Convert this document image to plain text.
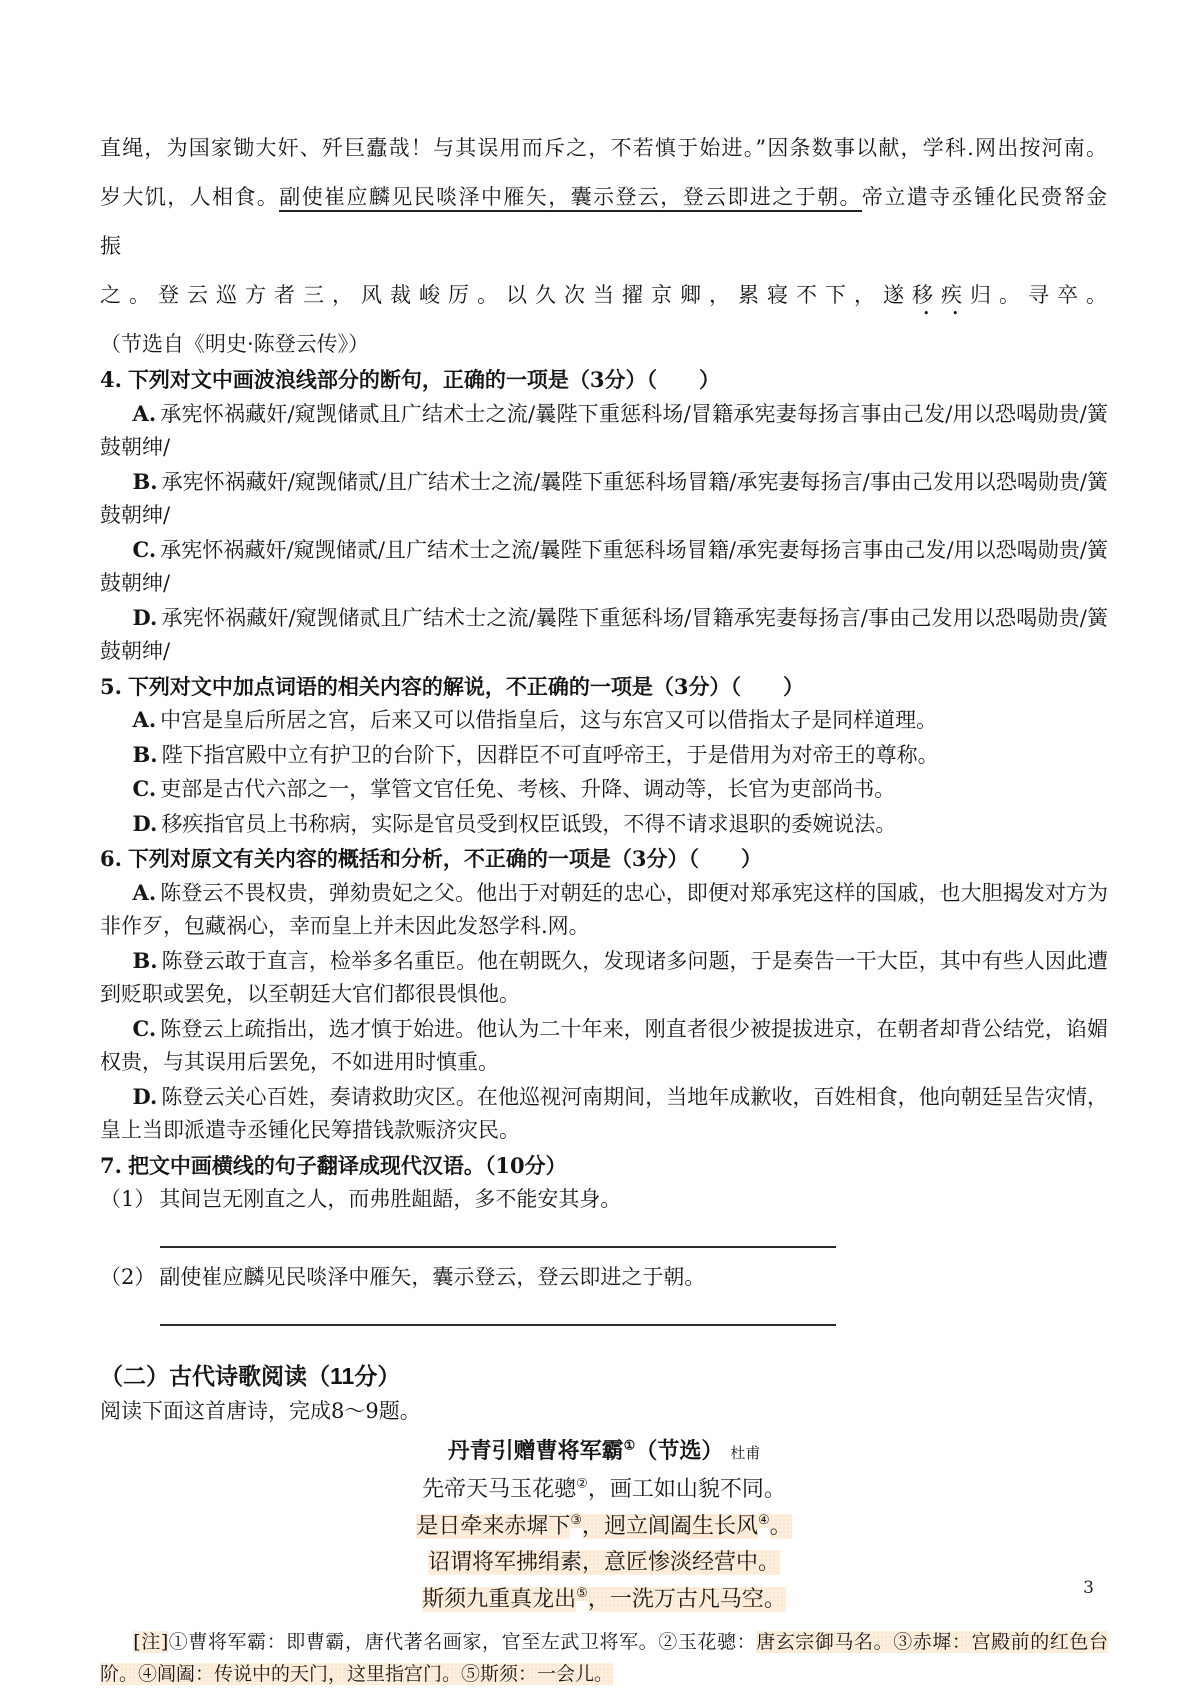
直绳，为国家锄大奸、歼巨蠹哉！与其误用而斥之，不若慎于始进。”因条数事以献，学科.网出按河南。
岁大饥，人相食。副使崔应麟见民啖泽中雁矢，囊示登云，登云即进之于朝。帝立遣寺丞锺化民赍帑金振
之。登云巡方者三，风裁峻厉。以久次当擢京卿，累寝不下，遂移疾归。寻卒。
（节选自《明史·陈登云传》）
4. 下列对文中画波浪线部分的断句，正确的一项是（3分）（　　）
A. 承宪怀祸藏奸/窥觊储贰且广结术士之流/曩陛下重惩科场/冒籍承宪妻每扬言事由己发/用以恐喝勋贵/簧鼓朝绅/
B. 承宪怀祸藏奸/窥觊储贰/且广结术士之流/曩陛下重惩科场冒籍/承宪妻每扬言/事由己发用以恐喝勋贵/簧鼓朝绅/
C. 承宪怀祸藏奸/窥觊储贰/且广结术士之流/曩陛下重惩科场冒籍/承宪妻每扬言事由己发/用以恐喝勋贵/簧鼓朝绅/
D. 承宪怀祸藏奸/窥觊储贰且广结术士之流/曩陛下重惩科场/冒籍承宪妻每扬言/事由己发用以恐喝勋贵/簧鼓朝绅/
5. 下列对文中加点词语的相关内容的解说，不正确的一项是（3分）（　　）
A. 中宫是皇后所居之宫，后来又可以借指皇后，这与东宫又可以借指太子是同样道理。
B. 陛下指宫殿中立有护卫的台阶下，因群臣不可直呼帝王，于是借用为对帝王的尊称。
C. 吏部是古代六部之一，掌管文官任免、考核、升降、调动等，长官为吏部尚书。
D. 移疾指官员上书称病，实际是官员受到权臣诋毁，不得不请求退职的委婉说法。
6. 下列对原文有关内容的概括和分析，不正确的一项是（3分）（　　）
A. 陈登云不畏权贵，弹劾贵妃之父。他出于对朝廷的忠心，即便对郑承宪这样的国戚，也大胆揭发对方为非作歹，包藏祸心，幸而皇上并未因此发怒学科.网。
B. 陈登云敢于直言，检举多名重臣。他在朝既久，发现诸多问题，于是奏告一干大臣，其中有些人因此遭到贬职或罢免，以至朝廷大官们都很畏惧他。
C. 陈登云上疏指出，选才慎于始进。他认为二十年来，刚直者很少被提拔进京，在朝者却背公结党，谄媚权贵，与其误用后罢免，不如进用时慎重。
D. 陈登云关心百姓，奏请救助灾区。在他巡视河南期间，当地年成歉收，百姓相食，他向朝廷呈告灾情，皇上当即派遣寺丞锺化民筹措钱款赈济灾民。
7. 把文中画横线的句子翻译成现代汉语。（10分）
（1） 其间岂无刚直之人，而弗胜龃龉，多不能安其身。
（2） 副使崔应麟见民啖泽中雁矢，囊示登云，登云即进之于朝。
（二）古代诗歌阅读（11分）
阅读下面这首唐诗，完成8～9题。
丹青引赠曹将军霸①（节选） 杜甫
先帝天马玉花骢②，画工如山貌不同。
是日牵来赤墀下③，迥立阊阖生长风④。
诏谓将军拂绢素，意匠惨淡经营中。
斯须九重真龙出⑤，一洗万古凡马空。
[注]①曹将军霸：即曹霸，唐代著名画家，官至左武卫将军。②玉花骢：唐玄宗御马名。③赤墀：宫殿前的红色台阶。④阊阖：传说中的天门，这里指宫门。⑤斯须：一会儿。
3
